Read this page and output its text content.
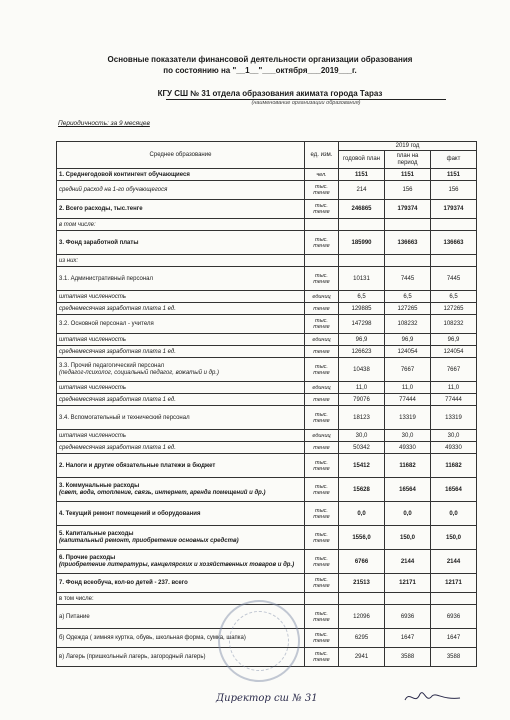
Основные показатели финансовой деятельности организации образования
по состоянию на "__1__"___октября___2019___г.
КГУ СШ № 31 отдела образования акимата города Тараз
(наименование организации образования)
Периодичность: за 9 месяцев
Среднее образование	ед. изм.	2019 год		
		годовой план	план на период	факт
1. Среднегодовой контингент обучающиеся	чел.	1151	1151	1151
средний расход на 1-го обучающегося	тыс. тенге	214	156	156
2. Всего расходы, тыс.тенге	тыс. тенге	246865	179374	179374
в том числе:				
3. Фонд заработной платы	тыс. тенге	185990	136663	136663
из них:				
3.1. Административный персонал	тыс. тенге	10131	7445	7445
штатная численность	единиц	6,5	6,5	6,5
среднемесячная заработная плата 1 ед.	тенге	129885	127265	127265
3.2. Основной персонал - учителя	тыс. тенге	147298	108232	108232
штатная численность	единиц	96,9	96,9	96,9
среднемесячная заработная плата 1 ед.	тенге	126623	124054	124054
3.3. Прочий педагогический персонал
(педагог-психолог, социальный педагог, вожатый и др.)	тыс. тенге	10438	7667	7667
штатная численность	единиц	11,0	11,0	11,0
среднемесячная заработная плата 1 ед.	тенге	79076	77444	77444
3.4. Вспомогательный и технический персонал	тыс. тенге	18123	13319	13319
штатная численность	единиц	30,0	30,0	30,0
среднемесячная заработная плата 1 ед.	тенге	50342	49330	49330
2. Налоги и другие обязательные платежи в бюджет	тыс. тенге	15412	11682	11682
3. Коммунальные расходы
(свет, вода, отопление, связь, интернет, аренда помещений и др.)	тыс. тенге	15628	16564	16564
4. Текущий ремонт помещений и оборудования	тыс. тенге	0,0	0,0	0,0
5. Капитальные расходы
(капитальный ремонт, приобретение основных средств)	тыс. тенге	1556,0	150,0	150,0
6. Прочие расходы
(приобретение литературы, канцелярских и хозяйственных товаров и др.)	тыс. тенге	6766	2144	2144
7. Фонд всеобуча, кол-во детей - 237. всего	тыс. тенге	21513	12171	12171
в том числе:				
а) Питание	тыс. тенге	12096	6936	6936
б) Одежда ( зимняя куртка, обувь, школьная форма, сумка, шапка)	тыс. тенге	6295	1647	1647
в) Лагерь (пришкольный лагерь, загородный лагерь)	тыс. тенге	2941	3588	3588
Директор сш № 31
